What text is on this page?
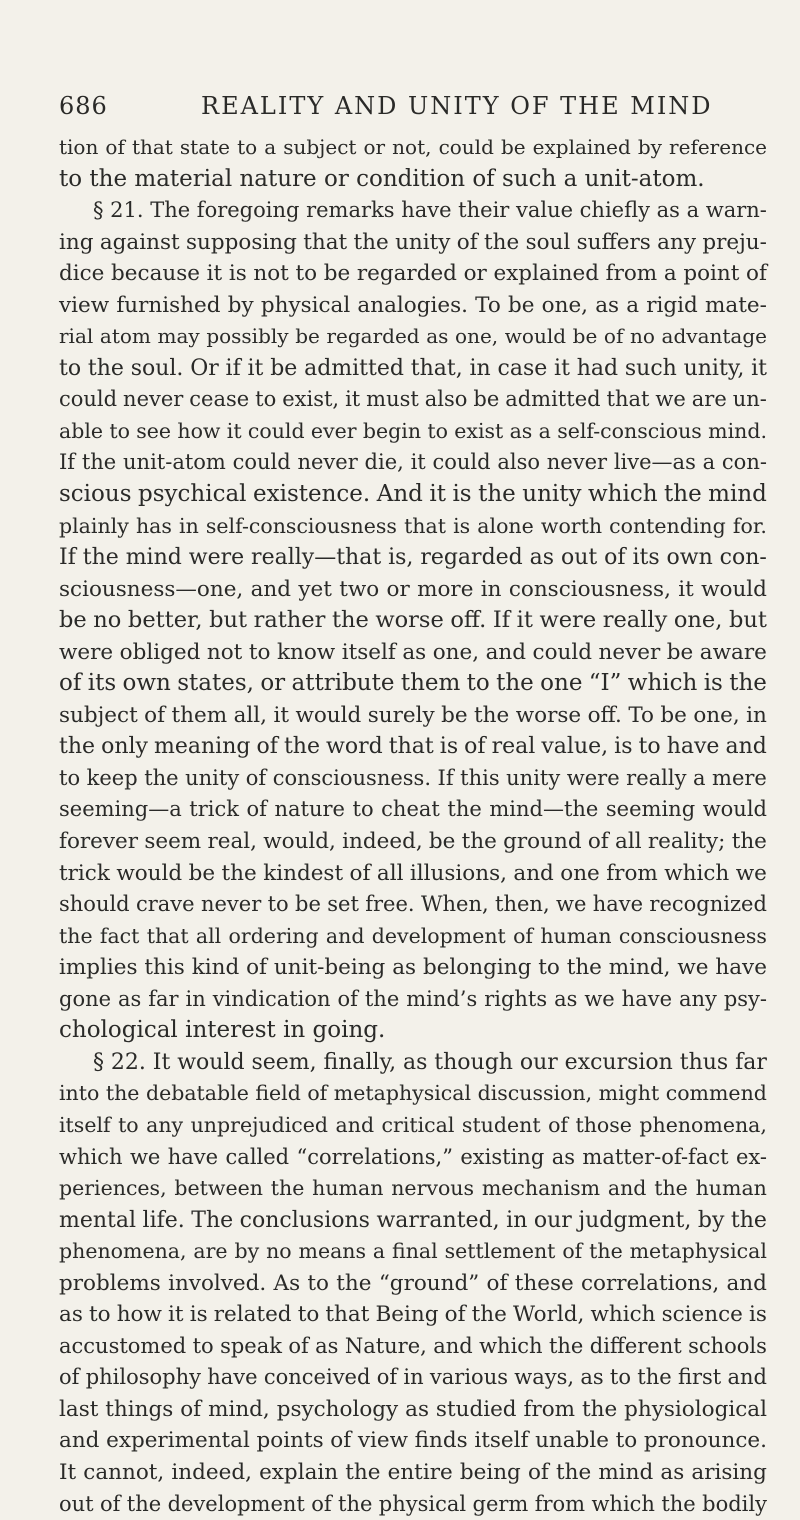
686	REALITY AND UNITY OF THE MIND
tion of that state to a subject or not, could be explained by reference
to the material nature or condition of such a unit-atom.
§ 21. The foregoing remarks have their value chiefly as a warn-
ing against supposing that the unity of the soul suffers any preju-
dice because it is not to be regarded or explained from a point of
view furnished by physical analogies. To be one, as a rigid mate-
rial atom may possibly be regarded as one, would be of no advantage
to the soul. Or if it be admitted that, in case it had such unity, it
could never cease to exist, it must also be admitted that we are un-
able to see how it could ever begin to exist as a self-conscious mind.
If the unit-atom could never die, it could also never live—as a con-
scious psychical existence. And it is the unity which the mind
plainly has in self-consciousness that is alone worth contending for.
If the mind were really—that is, regarded as out of its own con-
sciousness—one, and yet two or more in consciousness, it would
be no better, but rather the worse off. If it were really one, but
were obliged not to know itself as one, and could never be aware
of its own states, or attribute them to the one “I” which is the
subject of them all, it would surely be the worse off. To be one, in
the only meaning of the word that is of real value, is to have and
to keep the unity of consciousness. If this unity were really a mere
seeming—a trick of nature to cheat the mind—the seeming would
forever seem real, would, indeed, be the ground of all reality; the
trick would be the kindest of all illusions, and one from which we
should crave never to be set free. When, then, we have recognized
the fact that all ordering and development of human consciousness
implies this kind of unit-being as belonging to the mind, we have
gone as far in vindication of the mind’s rights as we have any psy-
chological interest in going.
§ 22. It would seem, finally, as though our excursion thus far
into the debatable field of metaphysical discussion, might commend
itself to any unprejudiced and critical student of those phenomena,
which we have called “correlations,” existing as matter-of-fact ex-
periences, between the human nervous mechanism and the human
mental life. The conclusions warranted, in our judgment, by the
phenomena, are by no means a final settlement of the metaphysical
problems involved. As to the “ground” of these correlations, and
as to how it is related to that Being of the World, which science is
accustomed to speak of as Nature, and which the different schools
of philosophy have conceived of in various ways, as to the first and
last things of mind, psychology as studied from the physiological
and experimental points of view finds itself unable to pronounce.
It cannot, indeed, explain the entire being of the mind as arising
out of the development of the physical germ from which the bodily
